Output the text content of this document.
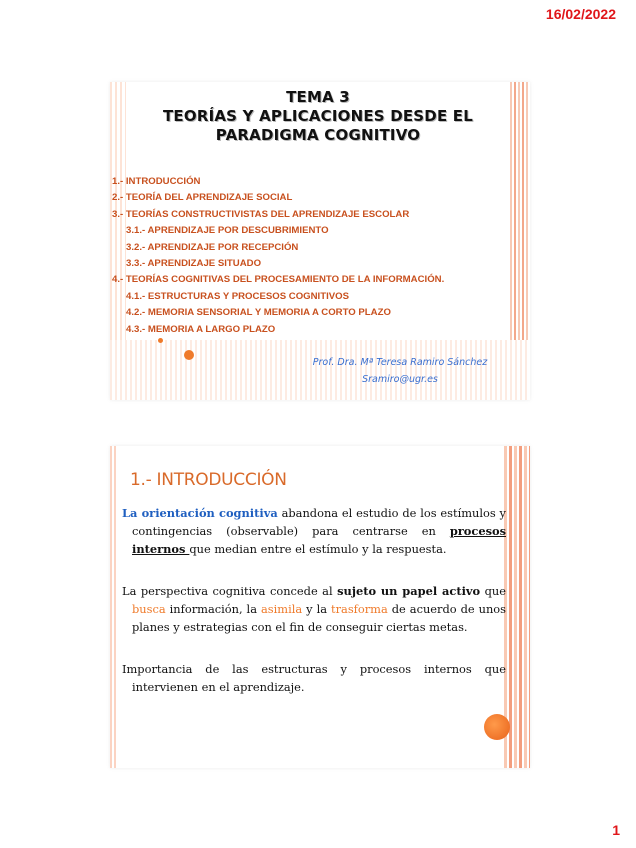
16/02/2022
TEMA 3
TEORÍAS Y APLICACIONES DESDE EL
PARADIGMA COGNITIVO
1.- INTRODUCCIÓN
2.- TEORÍA DEL APRENDIZAJE SOCIAL
3.- TEORÍAS CONSTRUCTIVISTAS DEL APRENDIZAJE ESCOLAR
3.1.- APRENDIZAJE POR DESCUBRIMIENTO
3.2.- APRENDIZAJE POR RECEPCIÓN
3.3.- APRENDIZAJE SITUADO
4.- TEORÍAS COGNITIVAS DEL PROCESAMIENTO DE LA INFORMACIÓN.
4.1.- ESTRUCTURAS Y PROCESOS COGNITIVOS
4.2.- MEMORIA SENSORIAL Y MEMORIA A CORTO PLAZO
4.3.- MEMORIA A LARGO PLAZO
Prof. Dra. Mª Teresa Ramiro Sánchez
Sramiro@ugr.es
1.- INTRODUCCIÓN

La orientación cognitiva abandona el estudio de los estímulos y contingencias (observable) para centrarse en procesos internos que median entre el estímulo y la respuesta.

La perspectiva cognitiva concede al sujeto un papel activo que busca información, la asimila y la trasforma de acuerdo de unos planes y estrategias con el fin de conseguir ciertas metas.

Importancia de las estructuras y procesos internos que intervienen en el aprendizaje.

1
